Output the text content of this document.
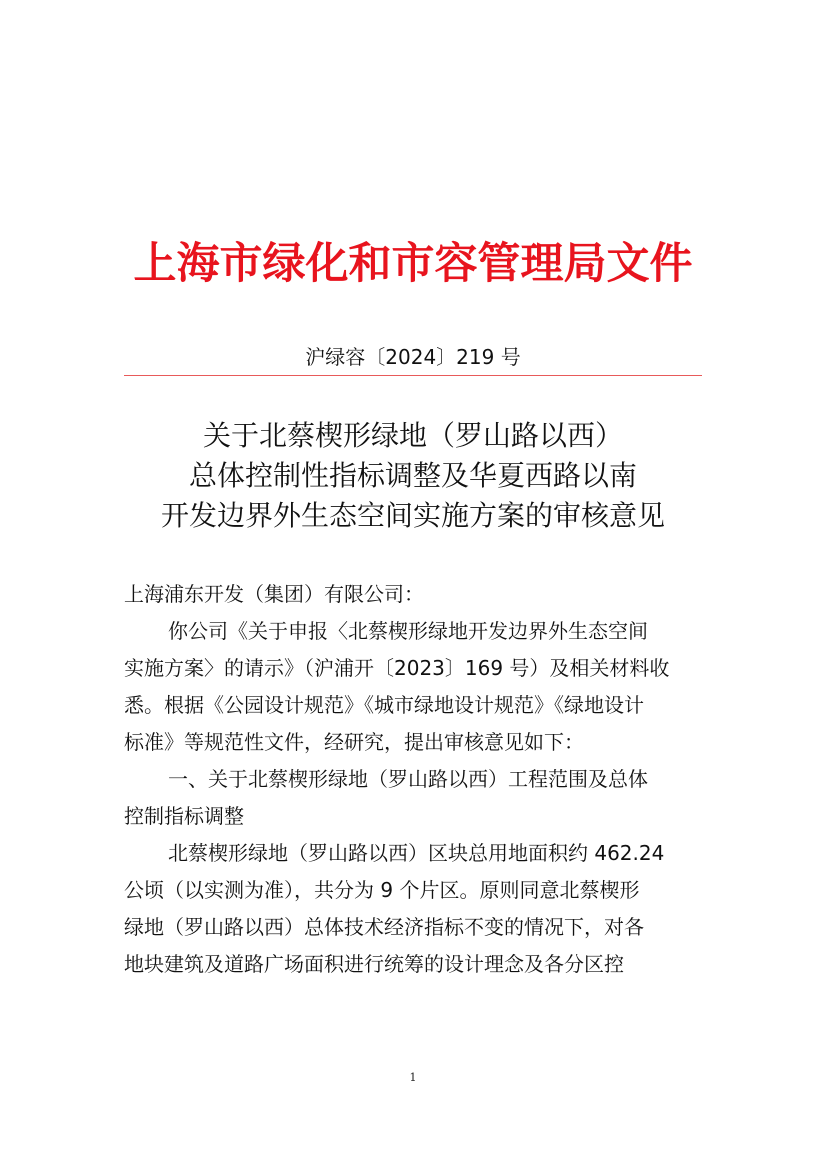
上海市绿化和市容管理局文件
沪绿容〔2024〕219 号
关于北蔡楔形绿地（罗山路以西）
总体控制性指标调整及华夏西路以南
开发边界外生态空间实施方案的审核意见

上海浦东开发（集团）有限公司：

你公司《关于申报〈北蔡楔形绿地开发边界外生态空间

实施方案〉的请示》（沪浦开〔2023〕169 号）及相关材料收

悉。根据《公园设计规范》《城市绿地设计规范》《绿地设计

标准》等规范性文件，经研究，提出审核意见如下：

一、关于北蔡楔形绿地（罗山路以西）工程范围及总体

控制指标调整

北蔡楔形绿地（罗山路以西）区块总用地面积约 462.24

公顷（以实测为准），共分为 9 个片区。原则同意北蔡楔形

绿地（罗山路以西）总体技术经济指标不变的情况下，对各

地块建筑及道路广场面积进行统筹的设计理念及各分区控

1
